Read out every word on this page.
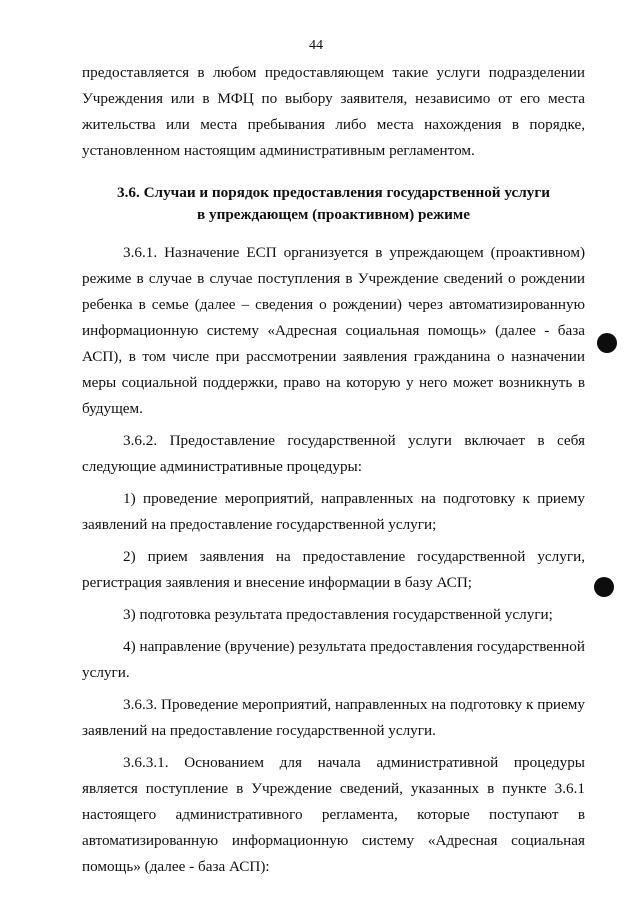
44

предоставляется в любом предоставляющем такие услуги подразделении Учреждения или в МФЦ по выбору заявителя, независимо от его места жительства или места пребывания либо места нахождения в порядке, установленном настоящим административным регламентом.

3.6. Случаи и порядок предоставления государственной услуги
в упреждающем (проактивном) режиме

3.6.1. Назначение ЕСП организуется в упреждающем (проактивном) режиме в случае в случае поступления в Учреждение сведений о рождении ребенка в семье (далее – сведения о рождении) через автоматизированную информационную систему «Адресная социальная помощь» (далее - база АСП), в том числе при рассмотрении заявления гражданина о назначении меры социальной поддержки, право на которую у него может возникнуть в будущем.

3.6.2. Предоставление государственной услуги включает в себя следующие административные процедуры:

1) проведение мероприятий, направленных на подготовку к приему заявлений на предоставление государственной услуги;

2) прием заявления на предоставление государственной услуги, регистрация заявления и внесение информации в базу АСП;

3) подготовка результата предоставления государственной услуги;

4) направление (вручение) результата предоставления государственной услуги.

3.6.3. Проведение мероприятий, направленных на подготовку к приему заявлений на предоставление государственной услуги.

3.6.3.1. Основанием для начала административной процедуры является поступление в Учреждение сведений, указанных в пункте 3.6.1 настоящего административного регламента, которые поступают в автоматизированную информационную систему «Адресная социальная помощь» (далее - база АСП):
